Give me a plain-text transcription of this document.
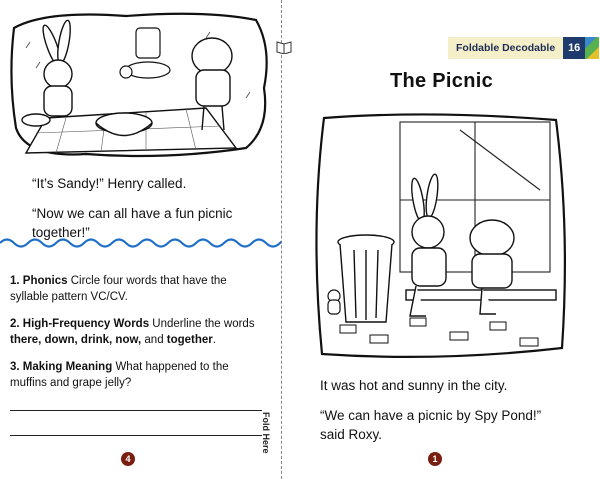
“It’s Sandy!” Henry called.

“Now we can all have a fun picnic

together!”

1. Phonics Circle four words that have the
syllable pattern VC/CV.

2. High-Frequency Words Underline the words
there, down, drink, now, and together.

3. Making Meaning What happened to the
muffins and grape jelly?

4
Fold Here
Foldable Decodable	16
The Picnic

It was hot and sunny in the city.

“We can have a picnic by Spy Pond!”

said Roxy.

1
